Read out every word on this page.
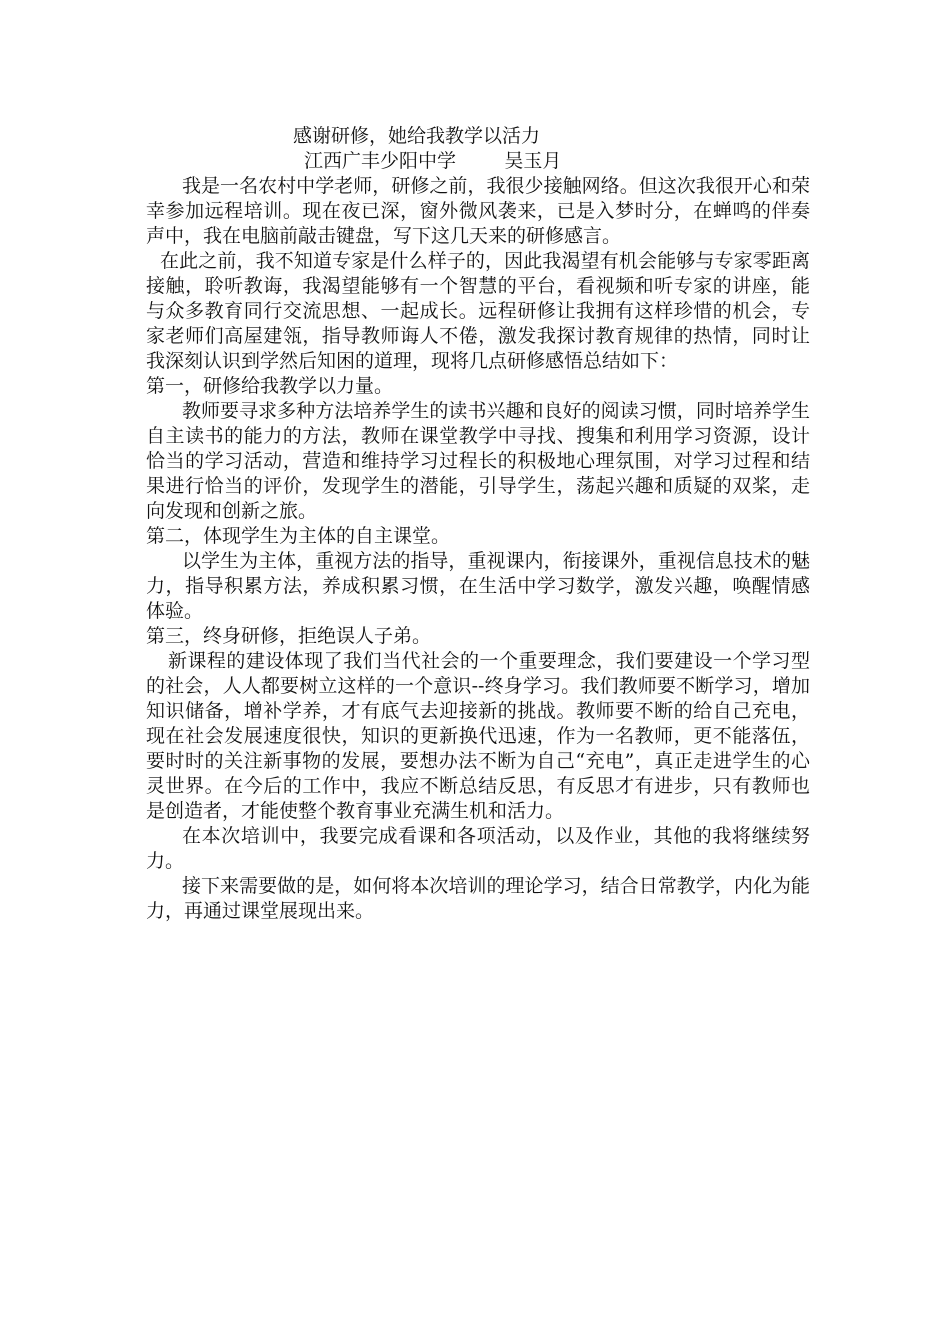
感谢研修，她给我教学以活力

江西广丰少阳中学        吴玉月

我是一名农村中学老师，研修之前，我很少接触网络。但这次我很开心和荣幸参加远程培训。现在夜已深，窗外微风袭来，已是入梦时分，在蝉鸣的伴奏声中，我在电脑前敲击键盘，写下这几天来的研修感言。

在此之前，我不知道专家是什么样子的，因此我渴望有机会能够与专家零距离接触，聆听教诲，我渴望能够有一个智慧的平台，看视频和听专家的讲座，能与众多教育同行交流思想、一起成长。远程研修让我拥有这样珍惜的机会，专家老师们高屋建瓴，指导教师诲人不倦，激发我探讨教育规律的热情，同时让我深刻认识到学然后知困的道理，现将几点研修感悟总结如下：

第一，研修给我教学以力量。

教师要寻求多种方法培养学生的读书兴趣和良好的阅读习惯，同时培养学生自主读书的能力的方法，教师在课堂教学中寻找、搜集和利用学习资源，设计恰当的学习活动，营造和维持学习过程长的积极地心理氛围，对学习过程和结果进行恰当的评价，发现学生的潜能，引导学生，荡起兴趣和质疑的双桨，走向发现和创新之旅。

第二，体现学生为主体的自主课堂。

以学生为主体，重视方法的指导，重视课内，衔接课外，重视信息技术的魅力，指导积累方法，养成积累习惯，在生活中学习数学，激发兴趣，唤醒情感体验。

第三，终身研修，拒绝误人子弟。

新课程的建设体现了我们当代社会的一个重要理念，我们要建设一个学习型的社会，人人都要树立这样的一个意识--终身学习。我们教师要不断学习，增加知识储备，增补学养，才有底气去迎接新的挑战。教师要不断的给自己充电，现在社会发展速度很快，知识的更新换代迅速，作为一名教师，更不能落伍，要时时的关注新事物的发展，要想办法不断为自己“充电”，真正走进学生的心灵世界。在今后的工作中，我应不断总结反思，有反思才有进步，只有教师也是创造者，才能使整个教育事业充满生机和活力。

在本次培训中，我要完成看课和各项活动，以及作业，其他的我将继续努力。

接下来需要做的是，如何将本次培训的理论学习，结合日常教学，内化为能力，再通过课堂展现出来。
